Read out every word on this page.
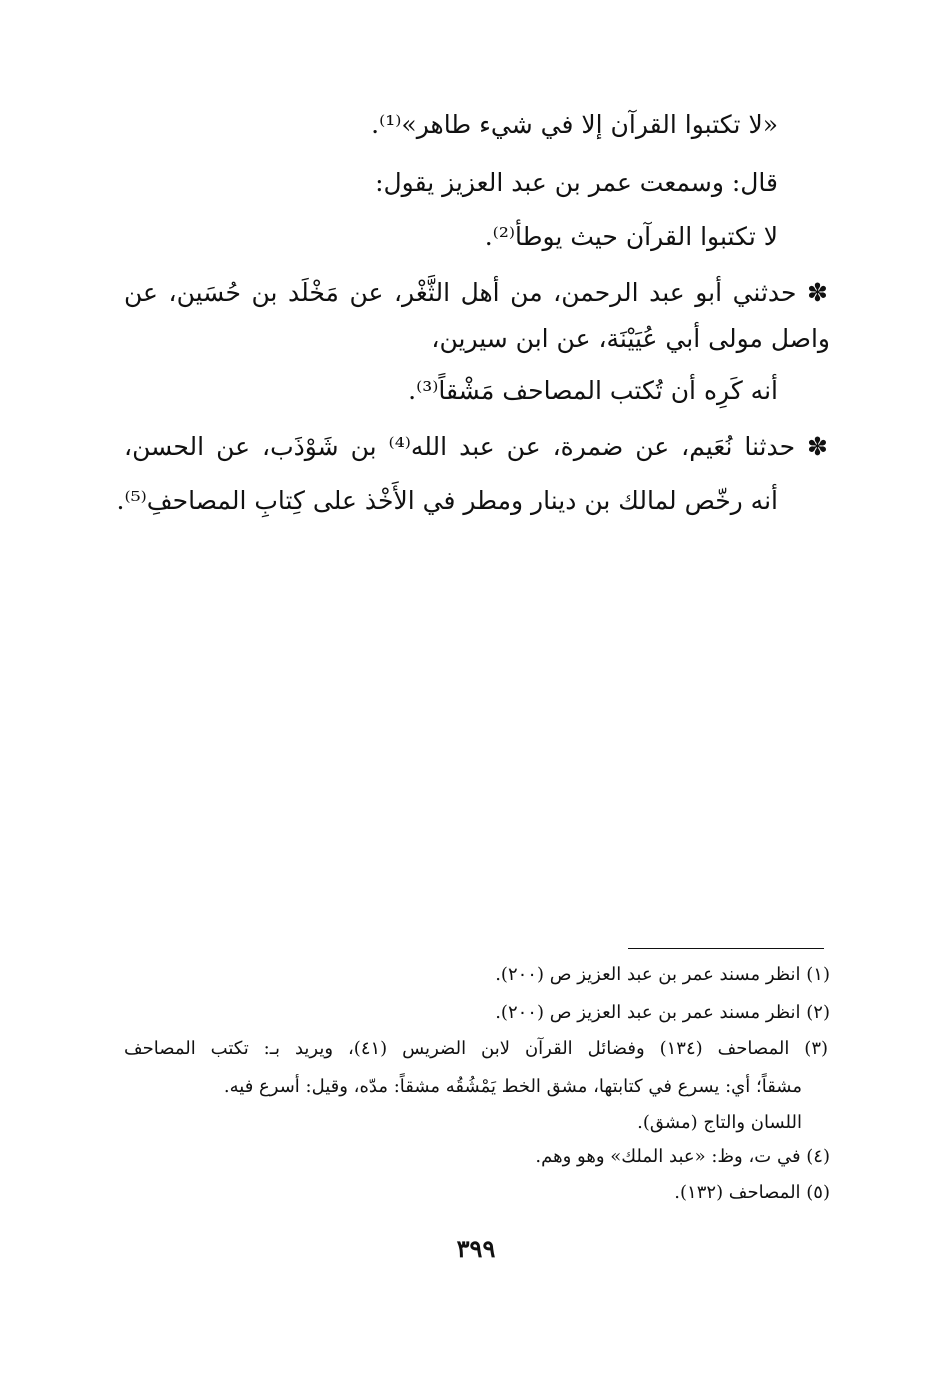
«لا تكتبوا القرآن إلا في شيء طاهر»⁽¹⁾.
قال: وسمعت عمر بن عبد العزيز يقول:
لا تكتبوا القرآن حيث يوطأ⁽²⁾.
✽ حدثني أبو عبد الرحمن، من أهل الثَّغْر، عن مَخْلَد بن حُسَين، عن
واصل مولى أبي عُيَيْنَة، عن ابن سيرين،
أنه كَرِه أن تُكتب المصاحف مَشْقاً⁽³⁾.
✽ حدثنا نُعَيم، عن ضمرة، عن عبد الله⁽⁴⁾ بن شَوْذَب، عن الحسن،
أنه رخّص لمالك بن دينار ومطر في الأَخْذ على كِتابِ المصاحفِ⁽⁵⁾.
(١) انظر مسند عمر بن عبد العزيز ص (٢٠٠).
(٢) انظر مسند عمر بن عبد العزيز ص (٢٠٠).
(٣) المصاحف (١٣٤) وفضائل القرآن لابن الضريس (٤١)، ويريد بـ: تكتب المصاحف
مشقاً؛ أي: يسرع في كتابتها، مشق الخط يَمْشُقُه مشقاً: مدّه، وقيل: أسرع فيه.
اللسان والتاج (مشق).
(٤) في ت، وظ: «عبد الملك» وهو وهم.
(٥) المصاحف (١٣٢).
٣٩٩
